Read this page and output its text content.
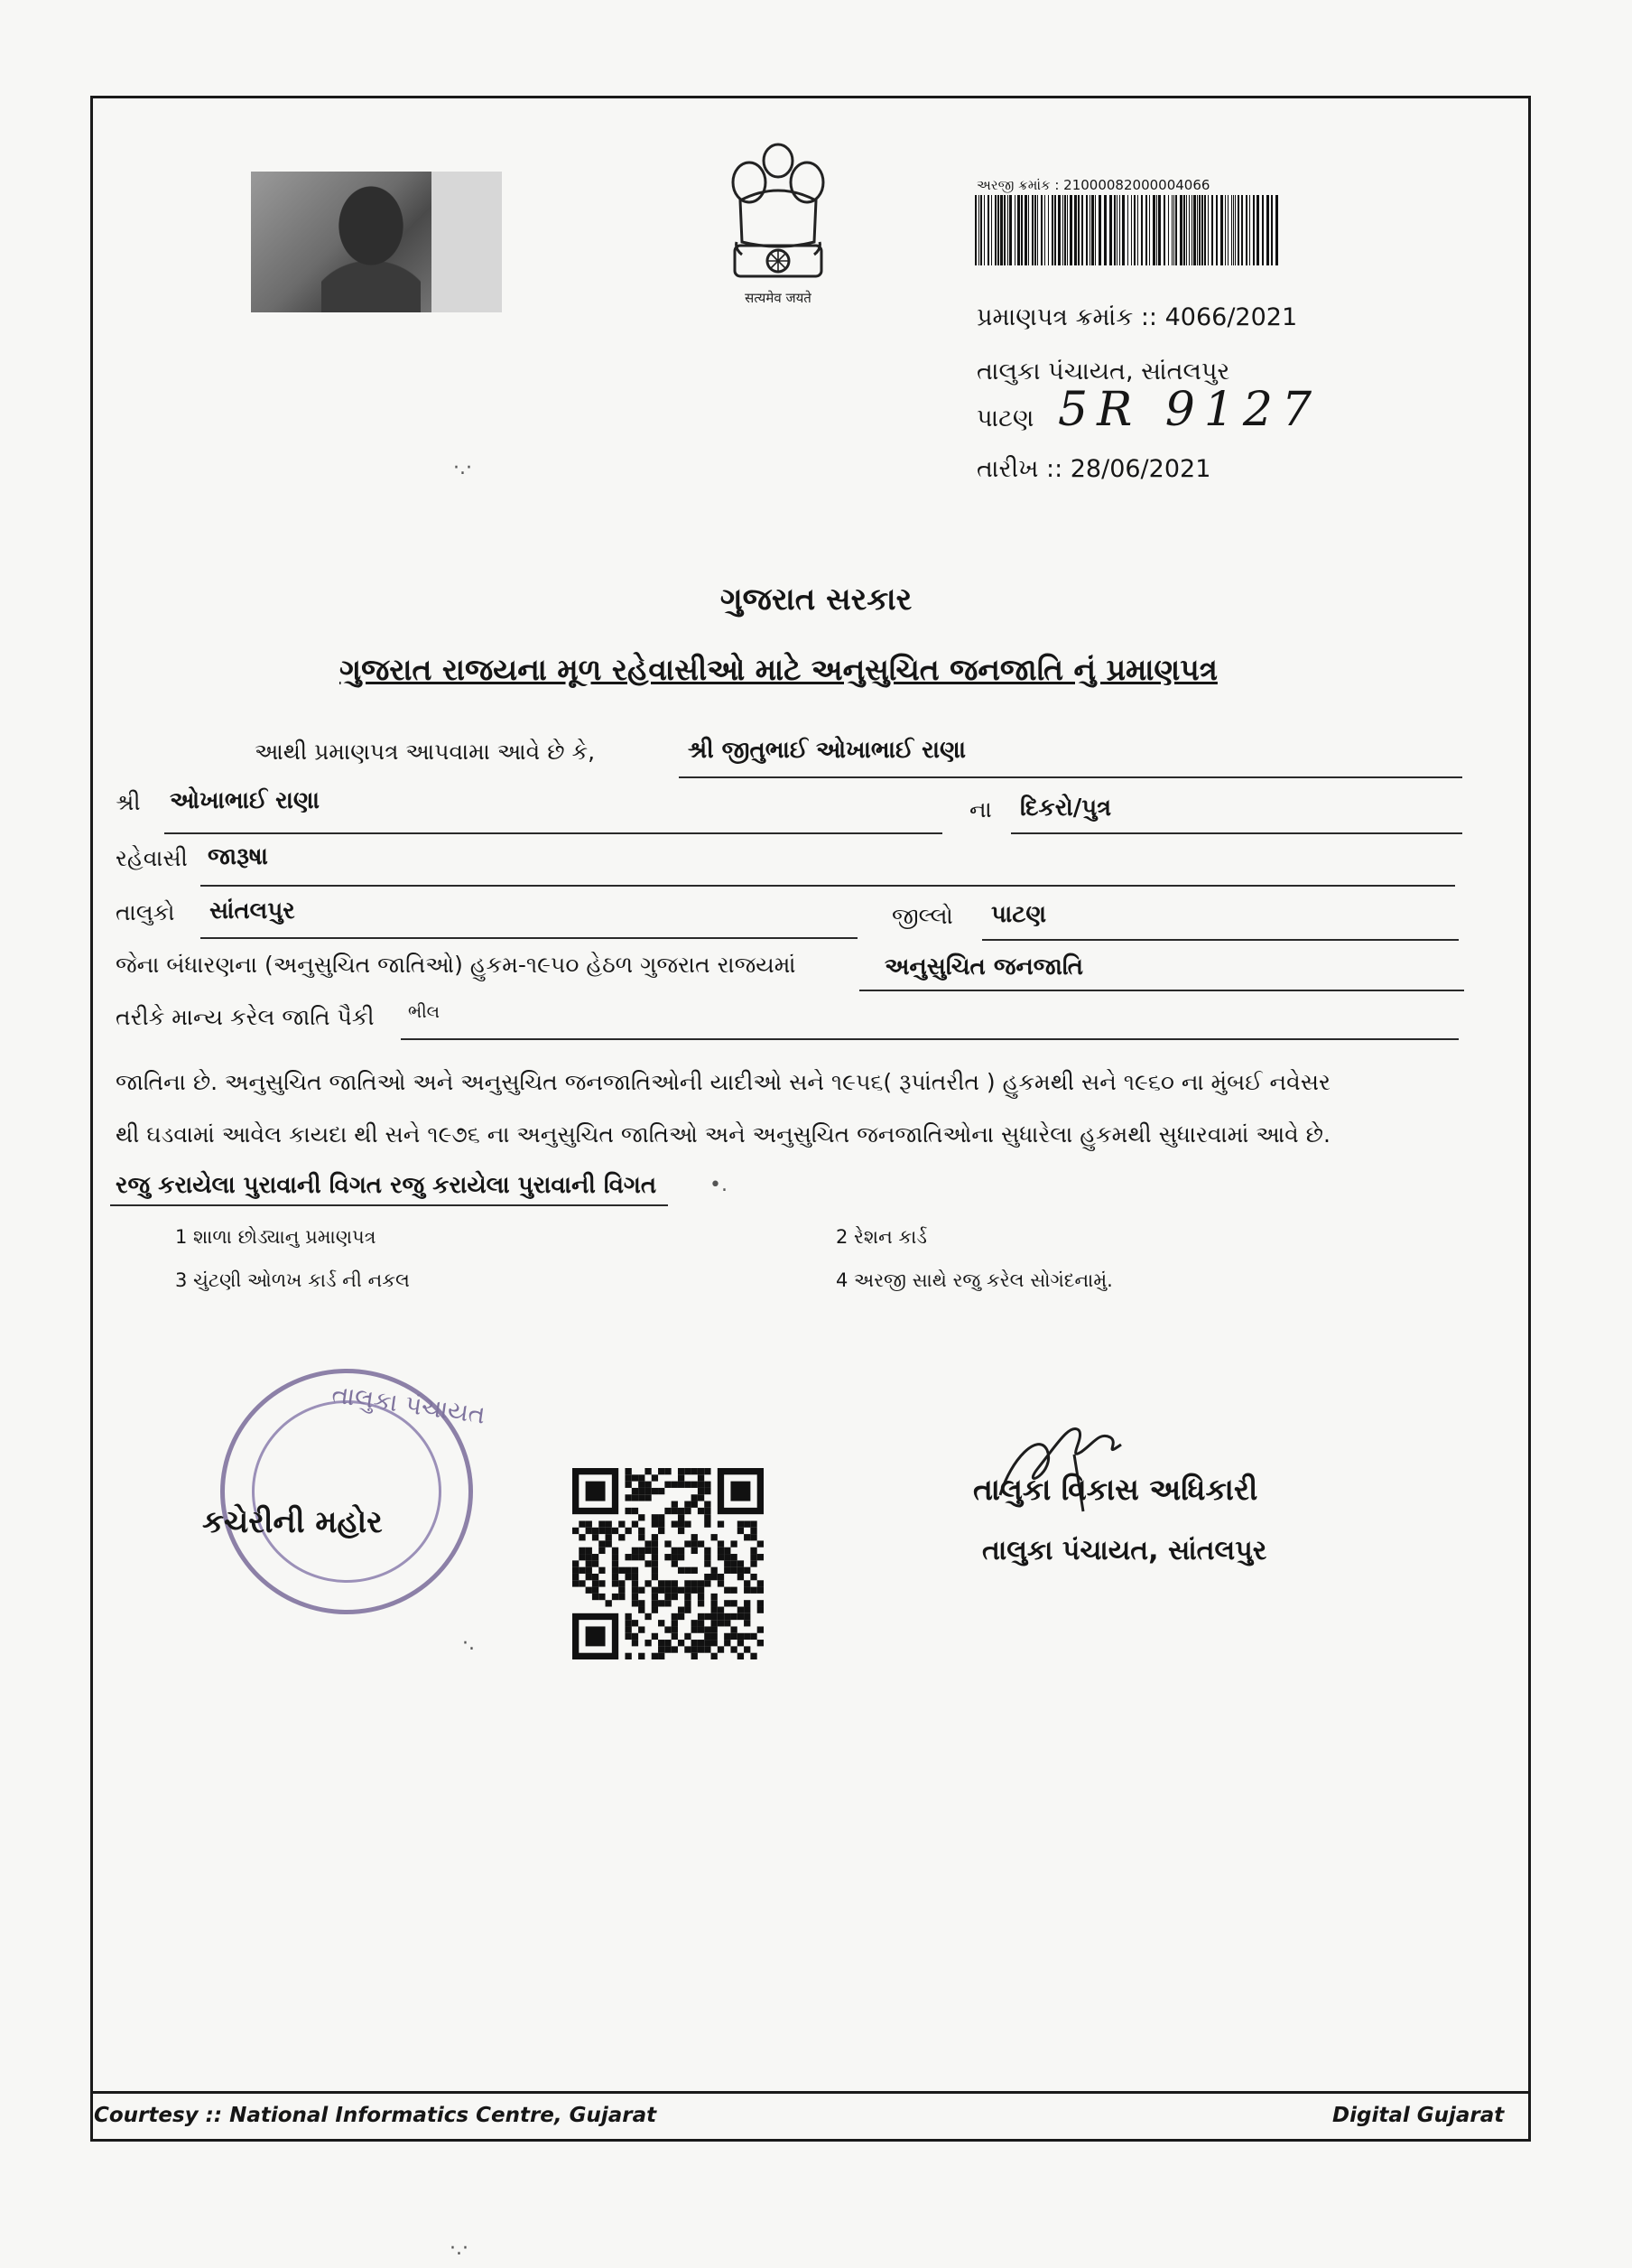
सत्यमेव जयते
અરજી ક્રમાંક : 21000082000004066
પ્રમાણપત્ર ક્રમાંક :: 4066/2021
તાલુકા પંચાયત, સાંતલપુર
પાટણ 5R 9127
તારીખ :: 28/06/2021
·.·
ગુજરાત સરકાર
ગુજરાત રાજયના મૂળ રહેવાસીઓ માટે અનુસુચિત જનજાતિ નું પ્રમાણપત્ર
આથી પ્રમાણપત્ર આપવામા આવે છે કે,	શ્રી જીતુભાઈ ઓખાભાઈ રાણા
શ્રી ઓખાભાઈ રાણા	ના દિકરો/પુત્ર
રહેવાસી જારૂષા
તાલુકો સાંતલપુર	જીલ્લો પાટણ
જેના બંધારણના (અનુસુચિત જાતિઓ) હુકમ-૧૯૫૦ હેઠળ ગુજરાત રાજયમાં	અનુસુચિત જનજાતિ
તરીકે માન્ય કરેલ જાતિ પૈકી ભીલ
જાતિના છે. અનુસુચિત જાતિઓ અને અનુસુચિત જનજાતિઓની યાદીઓ સને ૧૯૫૬( રૂપાંતરીત ) હુકમથી સને ૧૯૬૦ ના મુંબઈ નવેસર
થી ઘડવામાં આવેલ કાયદા થી સને ૧૯૭૬ ના અનુસુચિત જાતિઓ અને અનુસુચિત જનજાતિઓના સુધારેલા હુકમથી સુધારવામાં આવે છે.
રજુ કરાયેલા પુરાવાની વિગત રજુ કરાયેલા પુરાવાની વિગત	•.
1 શાળા છોડ્યાનુ પ્રમાણપત્ર	2 રેશન કાર્ડ
3 ચુંટણી ઓળખ કાર્ડ ની નકલ	4 અરજી સાથે રજુ કરેલ સોગંદનામું.
તાલુકા પંચાયત
કચેરીની મહોર
તાલુકા વિકાસ અધિકારી
તાલુકા પંચાયત, સાંતલપુર
·.
Courtesy :: National Informatics Centre, Gujarat	Digital Gujarat
·.·
